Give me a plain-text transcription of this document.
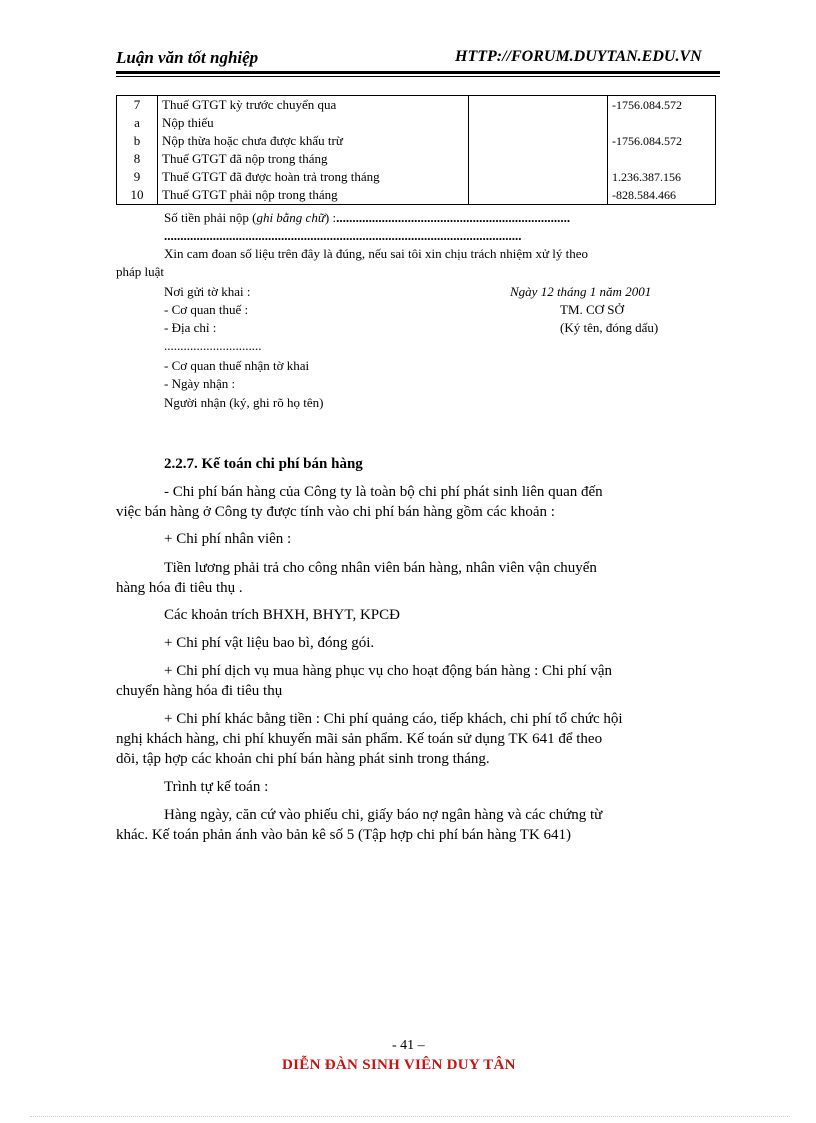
Luận văn tốt nghiệp	HTTP://FORUM.DUYTAN.EDU.VN
7	Thuế GTGT kỳ trước chuyển qua		-1756.084.572
a	Nộp thiếu		
b	Nộp thừa hoặc chưa được khấu trừ		-1756.084.572
8	Thuế GTGT đã nộp trong tháng		
9	Thuế GTGT đã được hoàn trả trong tháng		1.236.387.156
10	Thuế GTGT phải nộp trong tháng		-828.584.466
Số tiền phải nộp (ghi bằng chữ) :........................................................................
..............................................................................................................
Xin cam đoan số liệu trên đây là đúng, nếu sai tôi xin chịu trách nhiệm xử lý theo
pháp luật
Nơi gửi tờ khai :	Ngày 12 tháng 1 năm 2001
- Cơ quan thuế :	TM. CƠ SỞ
- Địa chỉ :	(Ký tên, đóng dấu)
..............................
- Cơ quan thuế nhận tờ khai
- Ngày nhận :
Người nhận (ký, ghi rõ họ tên)
2.2.7. Kế toán chi phí bán hàng
- Chi phí bán hàng của Công ty là toàn bộ chi phí phát sinh liên quan đến
việc bán hàng ở Công ty được tính vào chi phí bán hàng gồm các khoản :
+ Chi phí nhân viên :
Tiền lương phải trả cho công nhân viên bán hàng, nhân viên vận chuyển
hàng hóa đi tiêu thụ .
Các khoản trích BHXH, BHYT, KPCĐ
+ Chi phí vật liệu bao bì, đóng gói.
+ Chi phí dịch vụ mua hàng phục vụ cho hoạt động bán hàng : Chi phí vận
chuyển hàng hóa đi tiêu thụ
+ Chi phí khác bằng tiền : Chi phí quảng cáo, tiếp khách, chi phí tổ chức hội
nghị khách hàng, chi phí khuyến mãi sản phẩm. Kế toán sử dụng TK 641 để theo
dõi, tập hợp các khoản chi phí bán hàng phát sinh trong tháng.
Trình tự kế toán :
Hàng ngày, căn cứ vào phiếu chi, giấy báo nợ ngân hàng và các chứng từ
khác. Kế toán phản ánh vào bản kê số 5 (Tập hợp chi phí bán hàng TK 641)
- 41 –
DIỄN ĐÀN SINH VIÊN DUY TÂN
